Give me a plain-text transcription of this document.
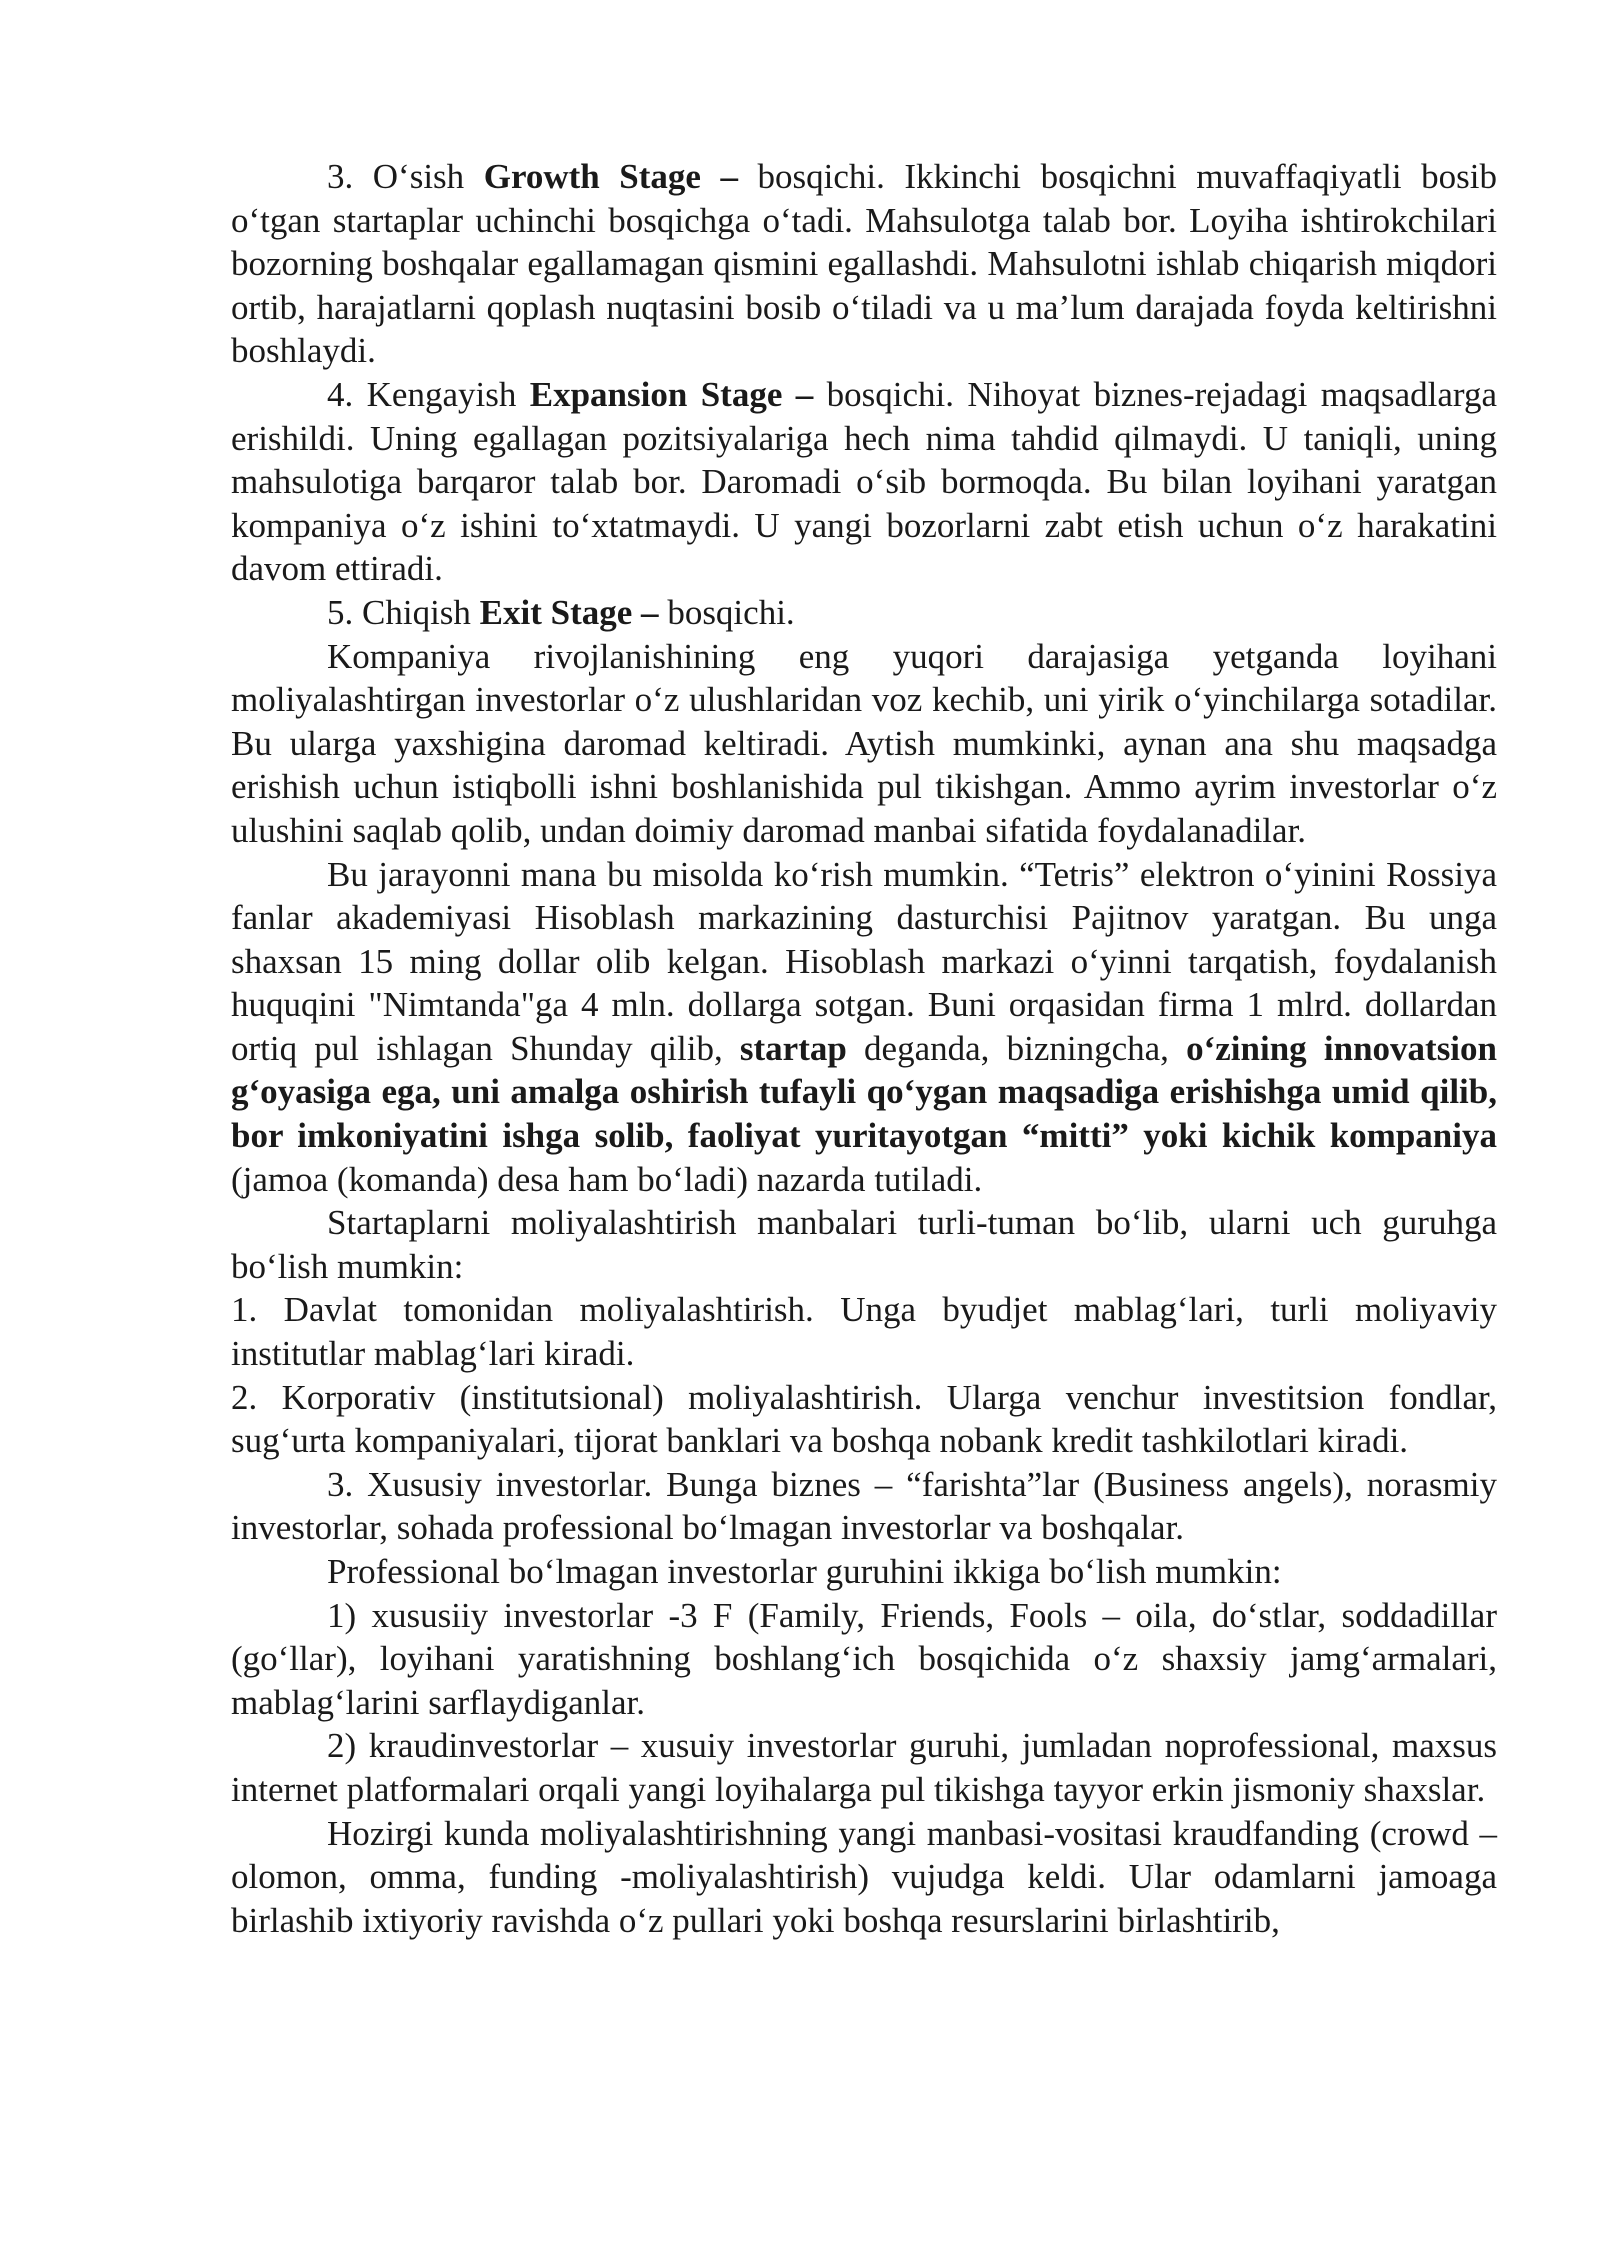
3. O‘sish Growth Stage – bosqichi. Ikkinchi bosqichni muvaffaqiyatli bosib o‘tgan startaplar uchinchi bosqichga o‘tadi. Mahsulotga talab bor. Loyiha ishtirokchilari bozorning boshqalar egallamagan qismini egallashdi. Mahsulotni ishlab chiqarish miqdori ortib, harajatlarni qoplash nuqtasini bosib o‘tiladi va u ma’lum darajada foyda keltirishni boshlaydi.

4. Kengayish Expansion Stage – bosqichi. Nihoyat biznes-rejadagi maqsadlarga erishildi. Uning egallagan pozitsiyalariga hech nima tahdid qilmaydi. U taniqli, uning mahsulotiga barqaror talab bor. Daromadi o‘sib bormoqda. Bu bilan loyihani yaratgan kompaniya o‘z ishini to‘xtatmaydi. U yangi bozorlarni zabt etish uchun o‘z harakatini davom ettiradi.

5. Chiqish Exit Stage – bosqichi.

Kompaniya rivojlanishining eng yuqori darajasiga yetganda loyihani moliyalashtirgan investorlar o‘z ulushlaridan voz kechib, uni yirik o‘yinchilarga sotadilar. Bu ularga yaxshigina daromad keltiradi. Aytish mumkinki, aynan ana shu maqsadga erishish uchun istiqbolli ishni boshlanishida pul tikishgan. Ammo ayrim investorlar o‘z ulushini saqlab qolib, undan doimiy daromad manbai sifatida foydalanadilar.

Bu jarayonni mana bu misolda ko‘rish mumkin. “Tetris” elektron o‘yinini Rossiya fanlar akademiyasi Hisoblash markazining dasturchisi Pajitnov yaratgan. Bu unga shaxsan 15 ming dollar olib kelgan. Hisoblash markazi o‘yinni tarqatish, foydalanish huquqini "Nimtanda"ga 4 mln. dollarga sotgan. Buni orqasidan firma 1 mlrd. dollardan ortiq pul ishlagan Shunday qilib, startap deganda, bizningcha, o‘zining innovatsion g‘oyasiga ega, uni amalga oshirish tufayli qo‘ygan maqsadiga erishishga umid qilib, bor imkoniyatini ishga solib, faoliyat yuritayotgan “mitti” yoki kichik kompaniya (jamoa (komanda) desa ham bo‘ladi) nazarda tutiladi.

Startaplarni moliyalashtirish manbalari turli-tuman bo‘lib, ularni uch guruhga bo‘lish mumkin:

1. Davlat tomonidan moliyalashtirish. Unga byudjet mablag‘lari, turli moliyaviy institutlar mablag‘lari kiradi.

2. Korporativ (institutsional) moliyalashtirish. Ularga venchur investitsion fondlar, sug‘urta kompaniyalari, tijorat banklari va boshqa nobank kredit tashkilotlari kiradi.

3. Xususiy investorlar. Bunga biznes – “farishta”lar (Business angels), norasmiy investorlar, sohada professional bo‘lmagan investorlar va boshqalar.

Professional bo‘lmagan investorlar guruhini ikkiga bo‘lish mumkin:

1) xususiiy investorlar -3 F (Family, Friends, Fools – oila, do‘stlar, soddadillar (go‘llar), loyihani yaratishning boshlang‘ich bosqichida o‘z shaxsiy jamg‘armalari, mablag‘larini sarflaydiganlar.

2) kraudinvestorlar – xusuiy investorlar guruhi, jumladan noprofessional, maxsus internet platformalari orqali yangi loyihalarga pul tikishga tayyor erkin jismoniy shaxslar.

Hozirgi kunda moliyalashtirishning yangi manbasi-vositasi kraudfanding (crowd – olomon, omma, funding -moliyalashtirish) vujudga keldi. Ular odamlarni jamoaga birlashib ixtiyoriy ravishda o‘z pullari yoki boshqa resurslarini birlashtirib,
